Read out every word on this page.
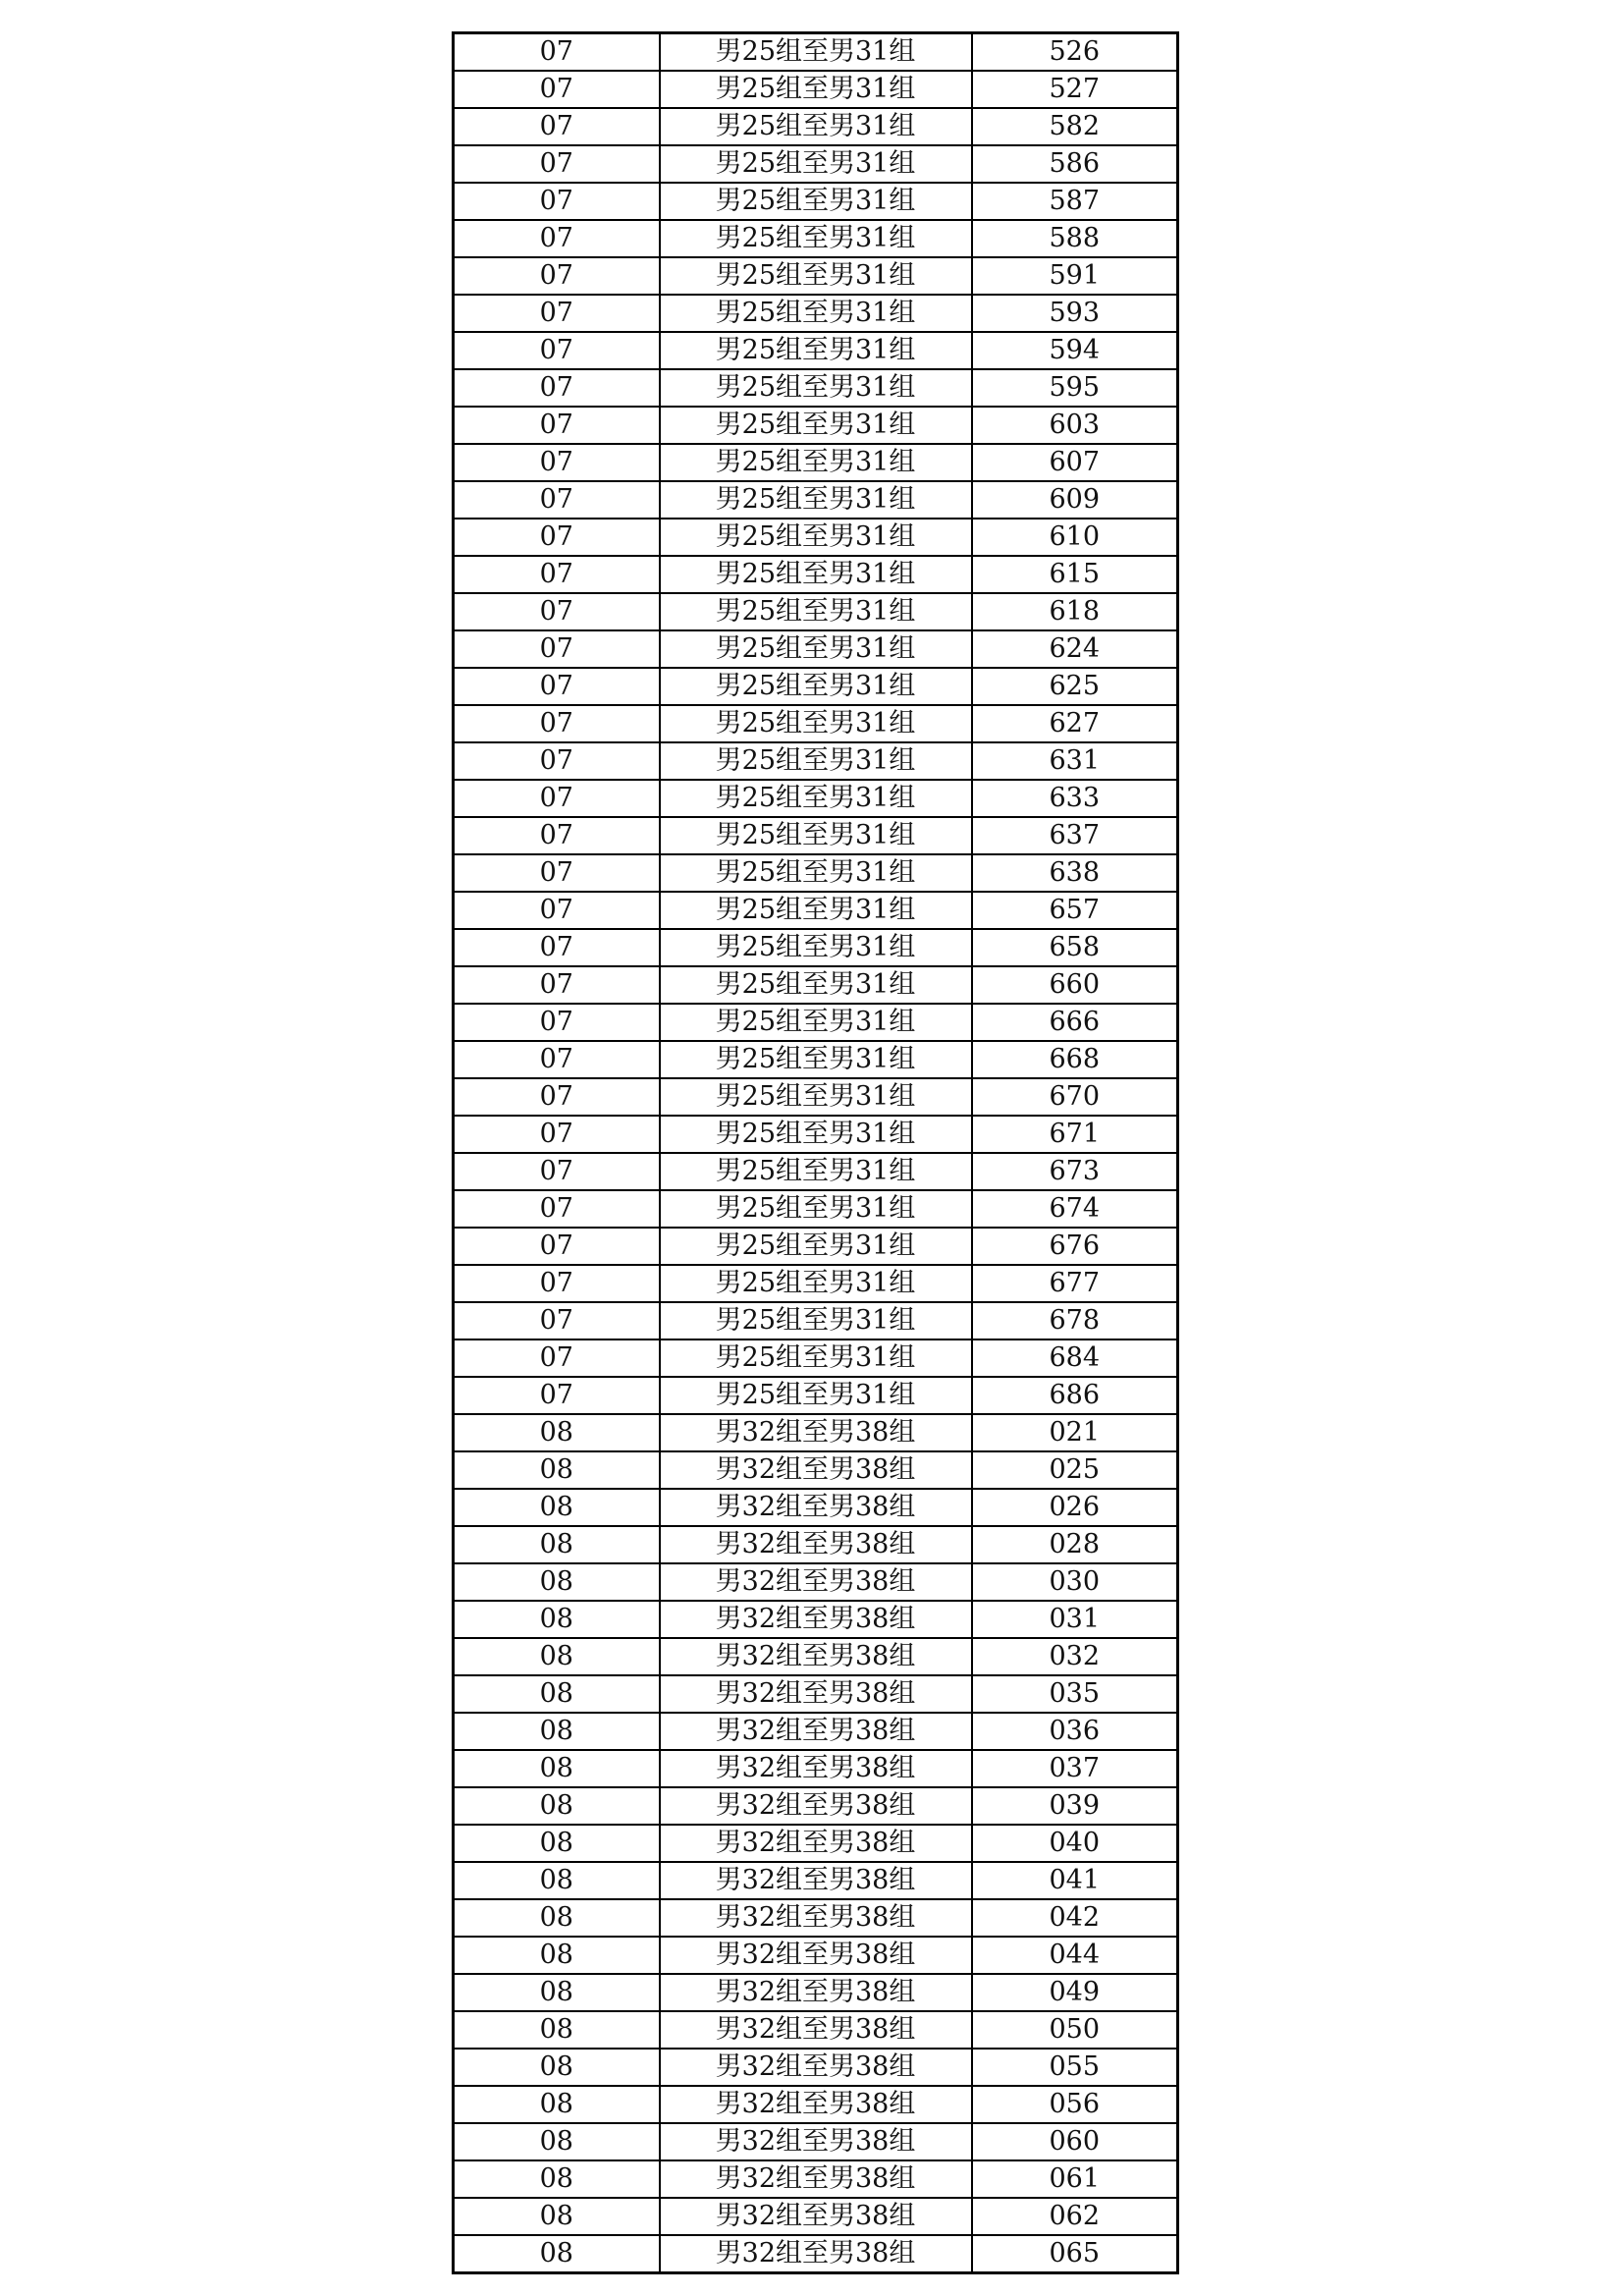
07	男25组至男31组	526
07	男25组至男31组	527
07	男25组至男31组	582
07	男25组至男31组	586
07	男25组至男31组	587
07	男25组至男31组	588
07	男25组至男31组	591
07	男25组至男31组	593
07	男25组至男31组	594
07	男25组至男31组	595
07	男25组至男31组	603
07	男25组至男31组	607
07	男25组至男31组	609
07	男25组至男31组	610
07	男25组至男31组	615
07	男25组至男31组	618
07	男25组至男31组	624
07	男25组至男31组	625
07	男25组至男31组	627
07	男25组至男31组	631
07	男25组至男31组	633
07	男25组至男31组	637
07	男25组至男31组	638
07	男25组至男31组	657
07	男25组至男31组	658
07	男25组至男31组	660
07	男25组至男31组	666
07	男25组至男31组	668
07	男25组至男31组	670
07	男25组至男31组	671
07	男25组至男31组	673
07	男25组至男31组	674
07	男25组至男31组	676
07	男25组至男31组	677
07	男25组至男31组	678
07	男25组至男31组	684
07	男25组至男31组	686
08	男32组至男38组	021
08	男32组至男38组	025
08	男32组至男38组	026
08	男32组至男38组	028
08	男32组至男38组	030
08	男32组至男38组	031
08	男32组至男38组	032
08	男32组至男38组	035
08	男32组至男38组	036
08	男32组至男38组	037
08	男32组至男38组	039
08	男32组至男38组	040
08	男32组至男38组	041
08	男32组至男38组	042
08	男32组至男38组	044
08	男32组至男38组	049
08	男32组至男38组	050
08	男32组至男38组	055
08	男32组至男38组	056
08	男32组至男38组	060
08	男32组至男38组	061
08	男32组至男38组	062
08	男32组至男38组	065
